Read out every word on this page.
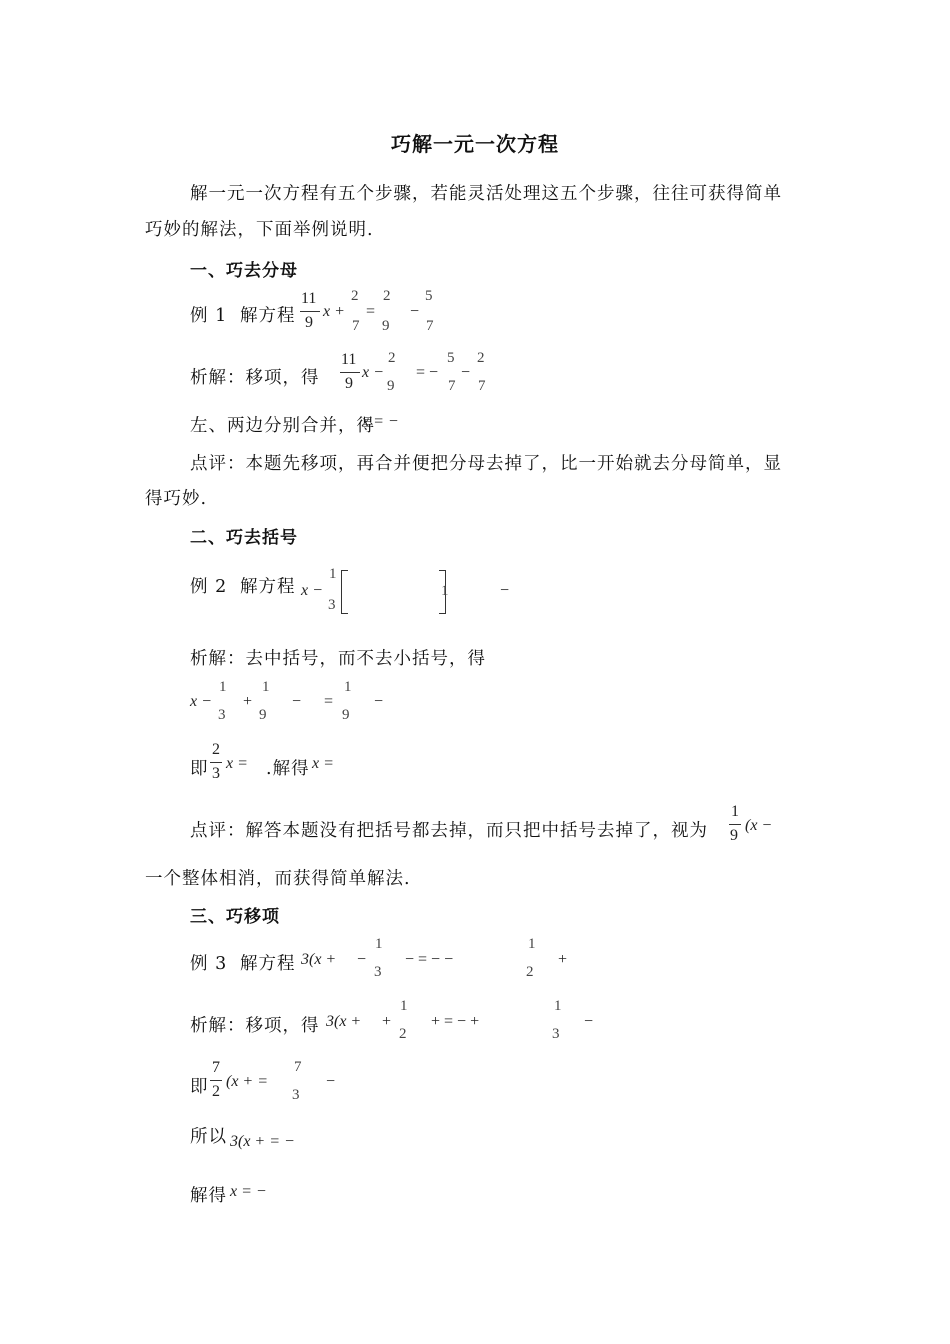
巧解一元一次方程
解一元一次方程有五个步骤，若能灵活处理这五个步骤，往往可获得简单
巧妙的解法，下面举例说明.
一、巧去分母
例 1 解方程
11
9
x +
2
7
=
2
9
−
5
7
析解：移项，得
11
9
x −
2
9
= −
5
7
−
2
7
左、两边分别合并，得
x = −
点评：本题先移项，再合并便把分母去掉了，比一开始就去分母简单，显
得巧妙.
二、巧去括号
例 2 解方程 x −
1
3
1	−
析解：去中括号，而不去小括号，得
x −
1
3
+
1
9
− =
1
9
−
即
2
3
x = .解得 x =
点评：解答本题没有把括号都去掉，而只把中括号去掉了，视为
1
9
(x −
一个整体相消，而获得简单解法.
三、巧移项
例 3 解方程 3(x + −
1
3
− = − −
1
2
+
析解：移项，得 3(x + +
1
2
+ = − +
1
3
−
即
7
2
(x + =
7
3
−
所以 3(x + = −
解得 x = −
